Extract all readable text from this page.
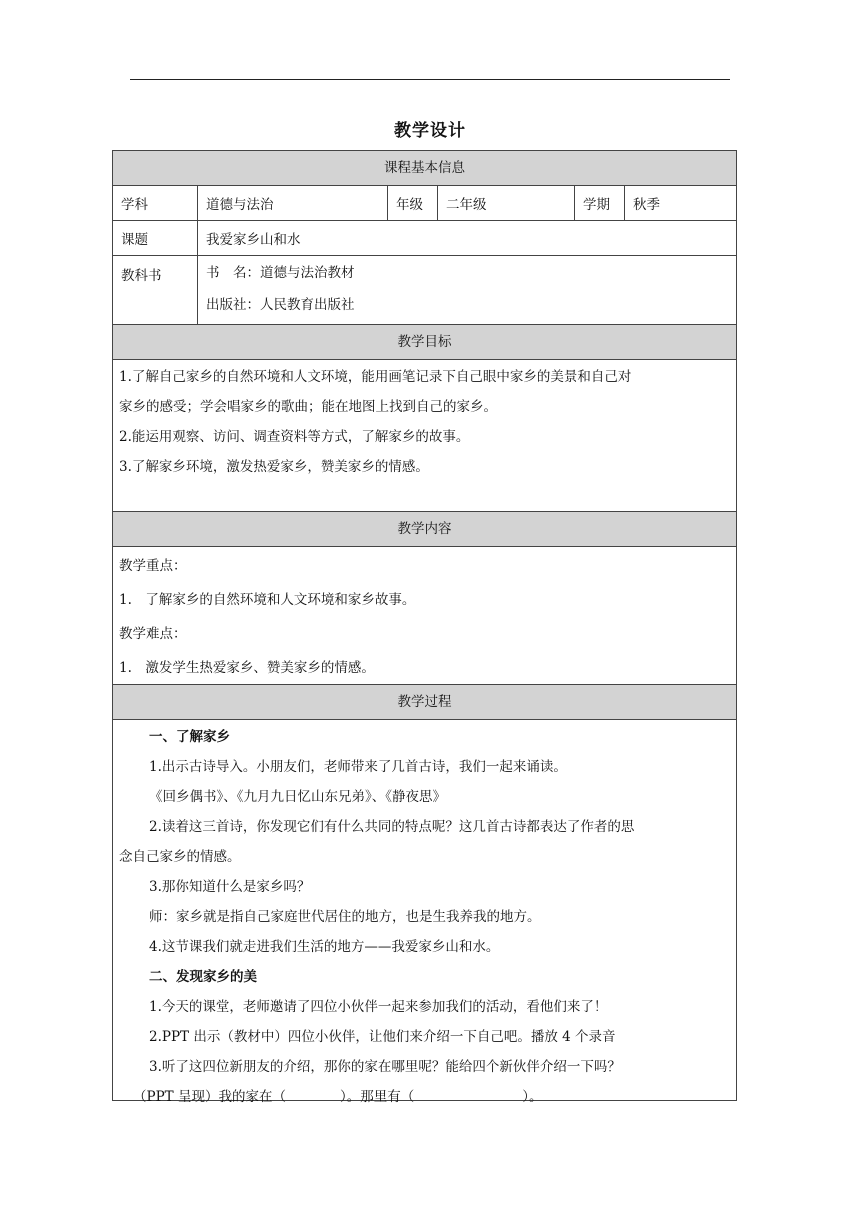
教学设计
课程基本信息
学科	道德与法治	年级	二年级	学期	秋季
课题	我爱家乡山和水
教科书	书　名：道德与法治教材
出版社：人民教育出版社
教学目标
1.了解自己家乡的自然环境和人文环境，能用画笔记录下自己眼中家乡的美景和自己对
家乡的感受；学会唱家乡的歌曲；能在地图上找到自己的家乡。
2.能运用观察、访问、调查资料等方式，了解家乡的故事。
3.了解家乡环境，激发热爱家乡，赞美家乡的情感。
教学内容
教学重点：
1.　了解家乡的自然环境和人文环境和家乡故事。
教学难点：
1.　激发学生热爱家乡、赞美家乡的情感。
教学过程
一、了解家乡
1.出示古诗导入。小朋友们，老师带来了几首古诗，我们一起来诵读。
《回乡偶书》、《九月九日忆山东兄弟》、《静夜思》
2.读着这三首诗，你发现它们有什么共同的特点呢？这几首古诗都表达了作者的思
念自己家乡的情感。
3.那你知道什么是家乡吗？
师：家乡就是指自己家庭世代居住的地方，也是生我养我的地方。
4.这节课我们就走进我们生活的地方——我爱家乡山和水。
二、发现家乡的美
1.今天的课堂，老师邀请了四位小伙伴一起来参加我们的活动，看他们来了！
2.PPT 出示（教材中）四位小伙伴，让他们来介绍一下自己吧。播放 4 个录音
3.听了这四位新朋友的介绍，那你的家在哪里呢？能给四个新伙伴介绍一下吗？
（PPT 呈现）我的家在（　　　　）。那里有（　　　　　　　　）。
